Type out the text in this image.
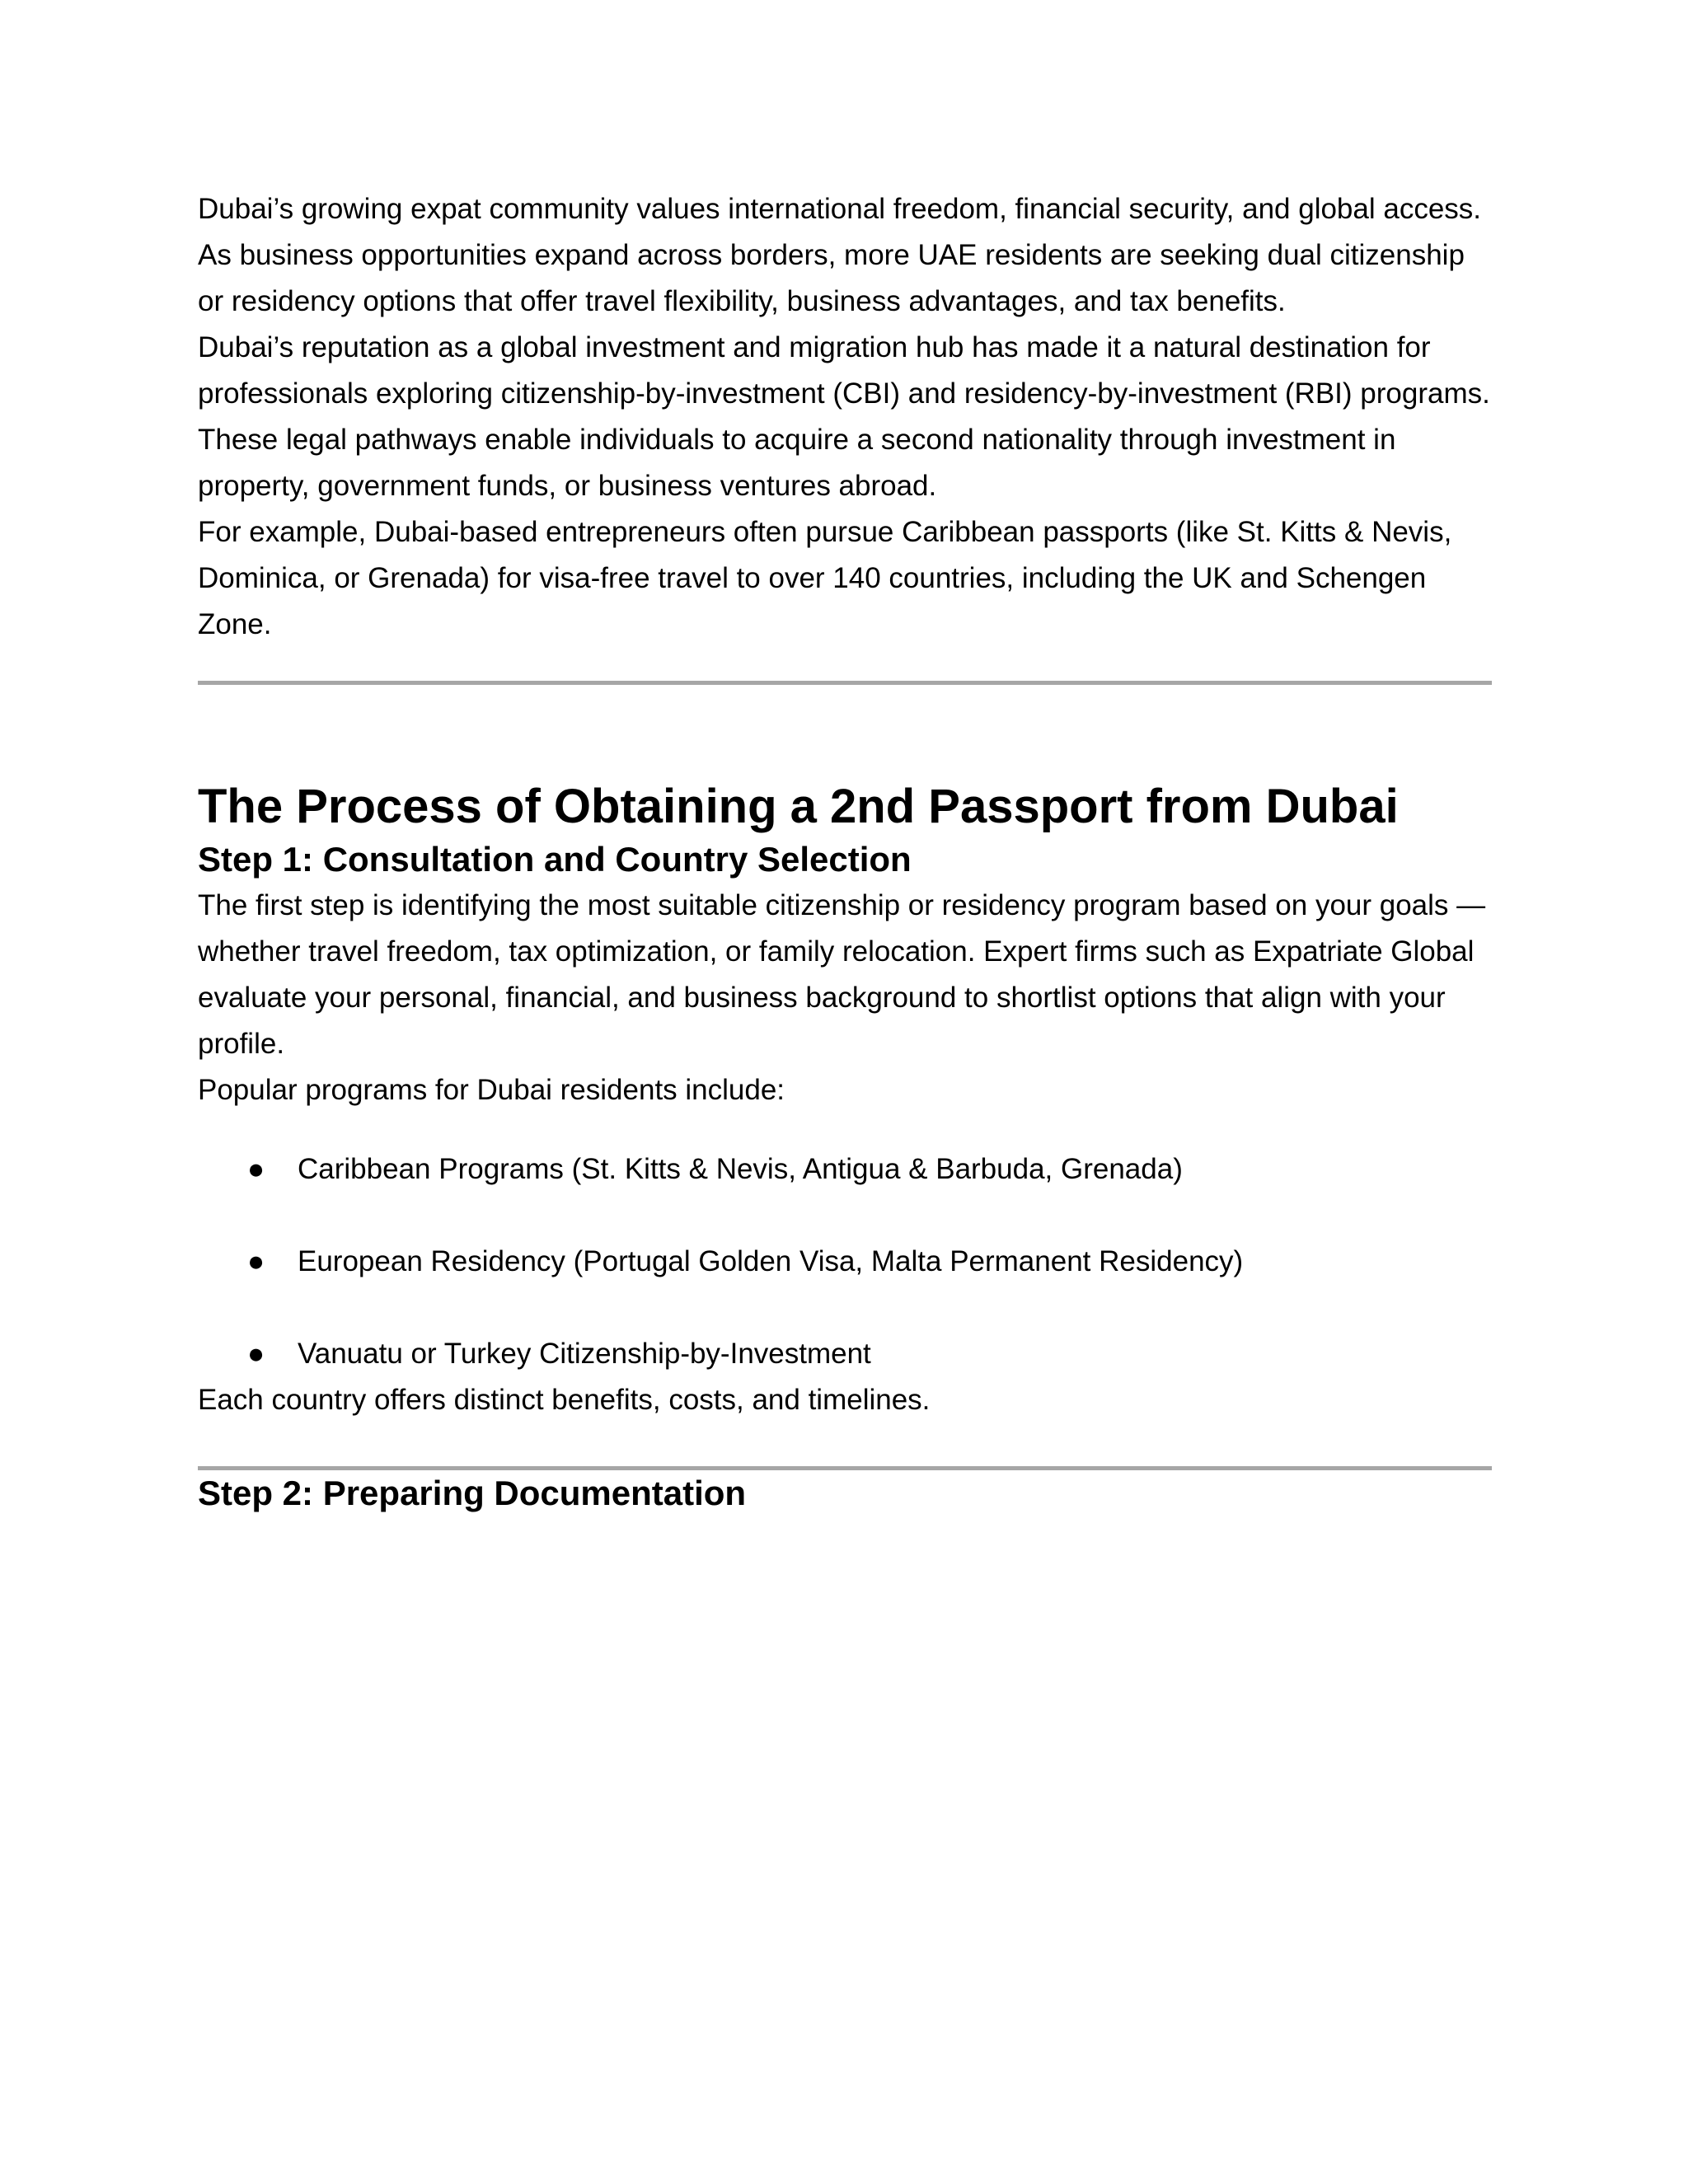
Dubai’s growing expat community values international freedom, financial security, and global access. As business opportunities expand across borders, more UAE residents are seeking dual citizenship or residency options that offer travel flexibility, business advantages, and tax benefits.

Dubai’s reputation as a global investment and migration hub has made it a natural destination for professionals exploring citizenship-by-investment (CBI) and residency-by-investment (RBI) programs. These legal pathways enable individuals to acquire a second nationality through investment in property, government funds, or business ventures abroad.

For example, Dubai-based entrepreneurs often pursue Caribbean passports (like St. Kitts & Nevis, Dominica, or Grenada) for visa-free travel to over 140 countries, including the UK and Schengen Zone.

The Process of Obtaining a 2nd Passport from Dubai
Step 1: Consultation and Country Selection

The first step is identifying the most suitable citizenship or residency program based on your goals — whether travel freedom, tax optimization, or family relocation. Expert firms such as Expatriate Global evaluate your personal, financial, and business background to shortlist options that align with your profile.

Popular programs for Dubai residents include:

● Caribbean Programs (St. Kitts & Nevis, Antigua & Barbuda, Grenada)
● European Residency (Portugal Golden Visa, Malta Permanent Residency)
● Vanuatu or Turkey Citizenship-by-Investment

Each country offers distinct benefits, costs, and timelines.

Step 2: Preparing Documentation
